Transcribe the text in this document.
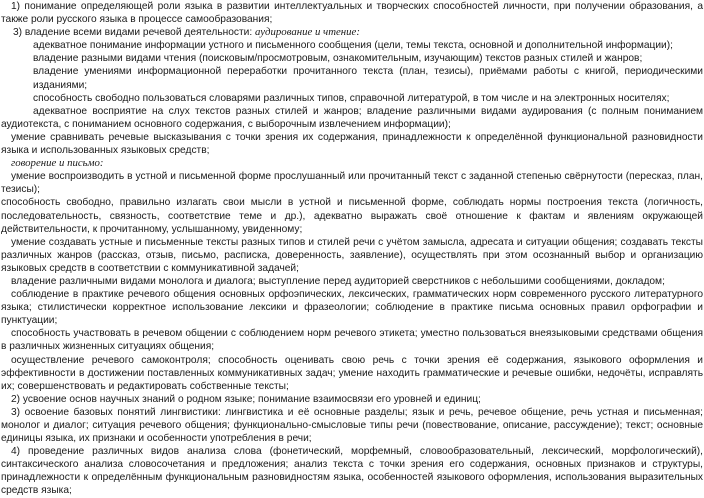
1) понимание определяющей роли языка в развитии интеллектуальных и творческих способностей личности, при получении образования, а также роли русского языка в процессе самообразования;

3) владение всеми видами речевой деятельности: аудирование и чтение:

адекватное понимание информации устного и письменного сообщения (цели, темы текста, основной и дополнительной информации);

владение разными видами чтения (поисковым/просмотровым, ознакомительным, изучающим) текстов разных стилей и жанров;

владение умениями информационной переработки прочитанного текста (план, тезисы), приёмами работы с книгой, периодическими изданиями;

способность свободно пользоваться словарями различных типов, справочной литературой, в том числе и на электронных носителях;

адекватное восприятие на слух текстов разных стилей и жанров; владение различными видами аудирования (с полным пониманием аудиотекста, с пониманием основного содержания, с выборочным извлечением информации);

умение сравнивать речевые высказывания с точки зрения их содержания, принадлежности к определённой функциональной разновидности языка и использованных языковых средств;

говорение и письмо:

умение воспроизводить в устной и письменной форме прослушанный или прочитанный текст с заданной степенью свёрнутости (пересказ, план, тезисы);

способность свободно, правильно излагать свои мысли в устной и письменной форме, соблюдать нормы построения текста (логичность, последовательность, связность, соответствие теме и др.), адекватно выражать своё отношение к фактам и явлениям окружающей действительности, к прочитанному, услышанному, увиденному;

умение создавать устные и письменные тексты разных типов и стилей речи с учётом замысла, адресата и ситуации общения; создавать тексты различных жанров (рассказ, отзыв, письмо, расписка, доверенность, заявление), осуществлять при этом осознанный выбор и организацию языковых средств в соответствии с коммуникативной задачей;

владение различными видами монолога и диалога; выступление перед аудиторией сверстников с небольшими сообщениями, докладом;

соблюдение в практике речевого общения основных орфоэпических, лексических, грамматических норм современного русского литературного языка; стилистически корректное использование лексики и фразеологии; соблюдение в практике письма основных правил орфографии и пунктуации;

способность участвовать в речевом общении с соблюдением норм речевого этикета; уместно пользоваться внеязыковыми средствами общения в различных жизненных ситуациях общения;

осуществление речевого самоконтроля; способность оценивать свою речь с точки зрения её содержания, языкового оформления и эффективности в достижении поставленных коммуникативных задач; умение находить грамматические и речевые ошибки, недочёты, исправлять их; совершенствовать и редактировать собственные тексты;

2) усвоение основ научных знаний о родном языке; понимание взаимосвязи его уровней и единиц;

3) освоение базовых понятий лингвистики: лингвистика и её основные разделы; язык и речь, речевое общение, речь устная и письменная; монолог и диалог; ситуация речевого общения; функционально-смысловые типы речи (повествование, описание, рассуждение); текст; основные единицы языка, их признаки и особенности употребления в речи;

4) проведение различных видов анализа слова (фонетический, морфемный, словообразовательный, лексический, морфологический), синтаксического анализа словосочетания и предложения; анализ текста с точки зрения его содержания, основных признаков и структуры, принадлежности к определённым функциональным разновидностям языка, особенностей языкового оформления, использования выразительных средств языка;
